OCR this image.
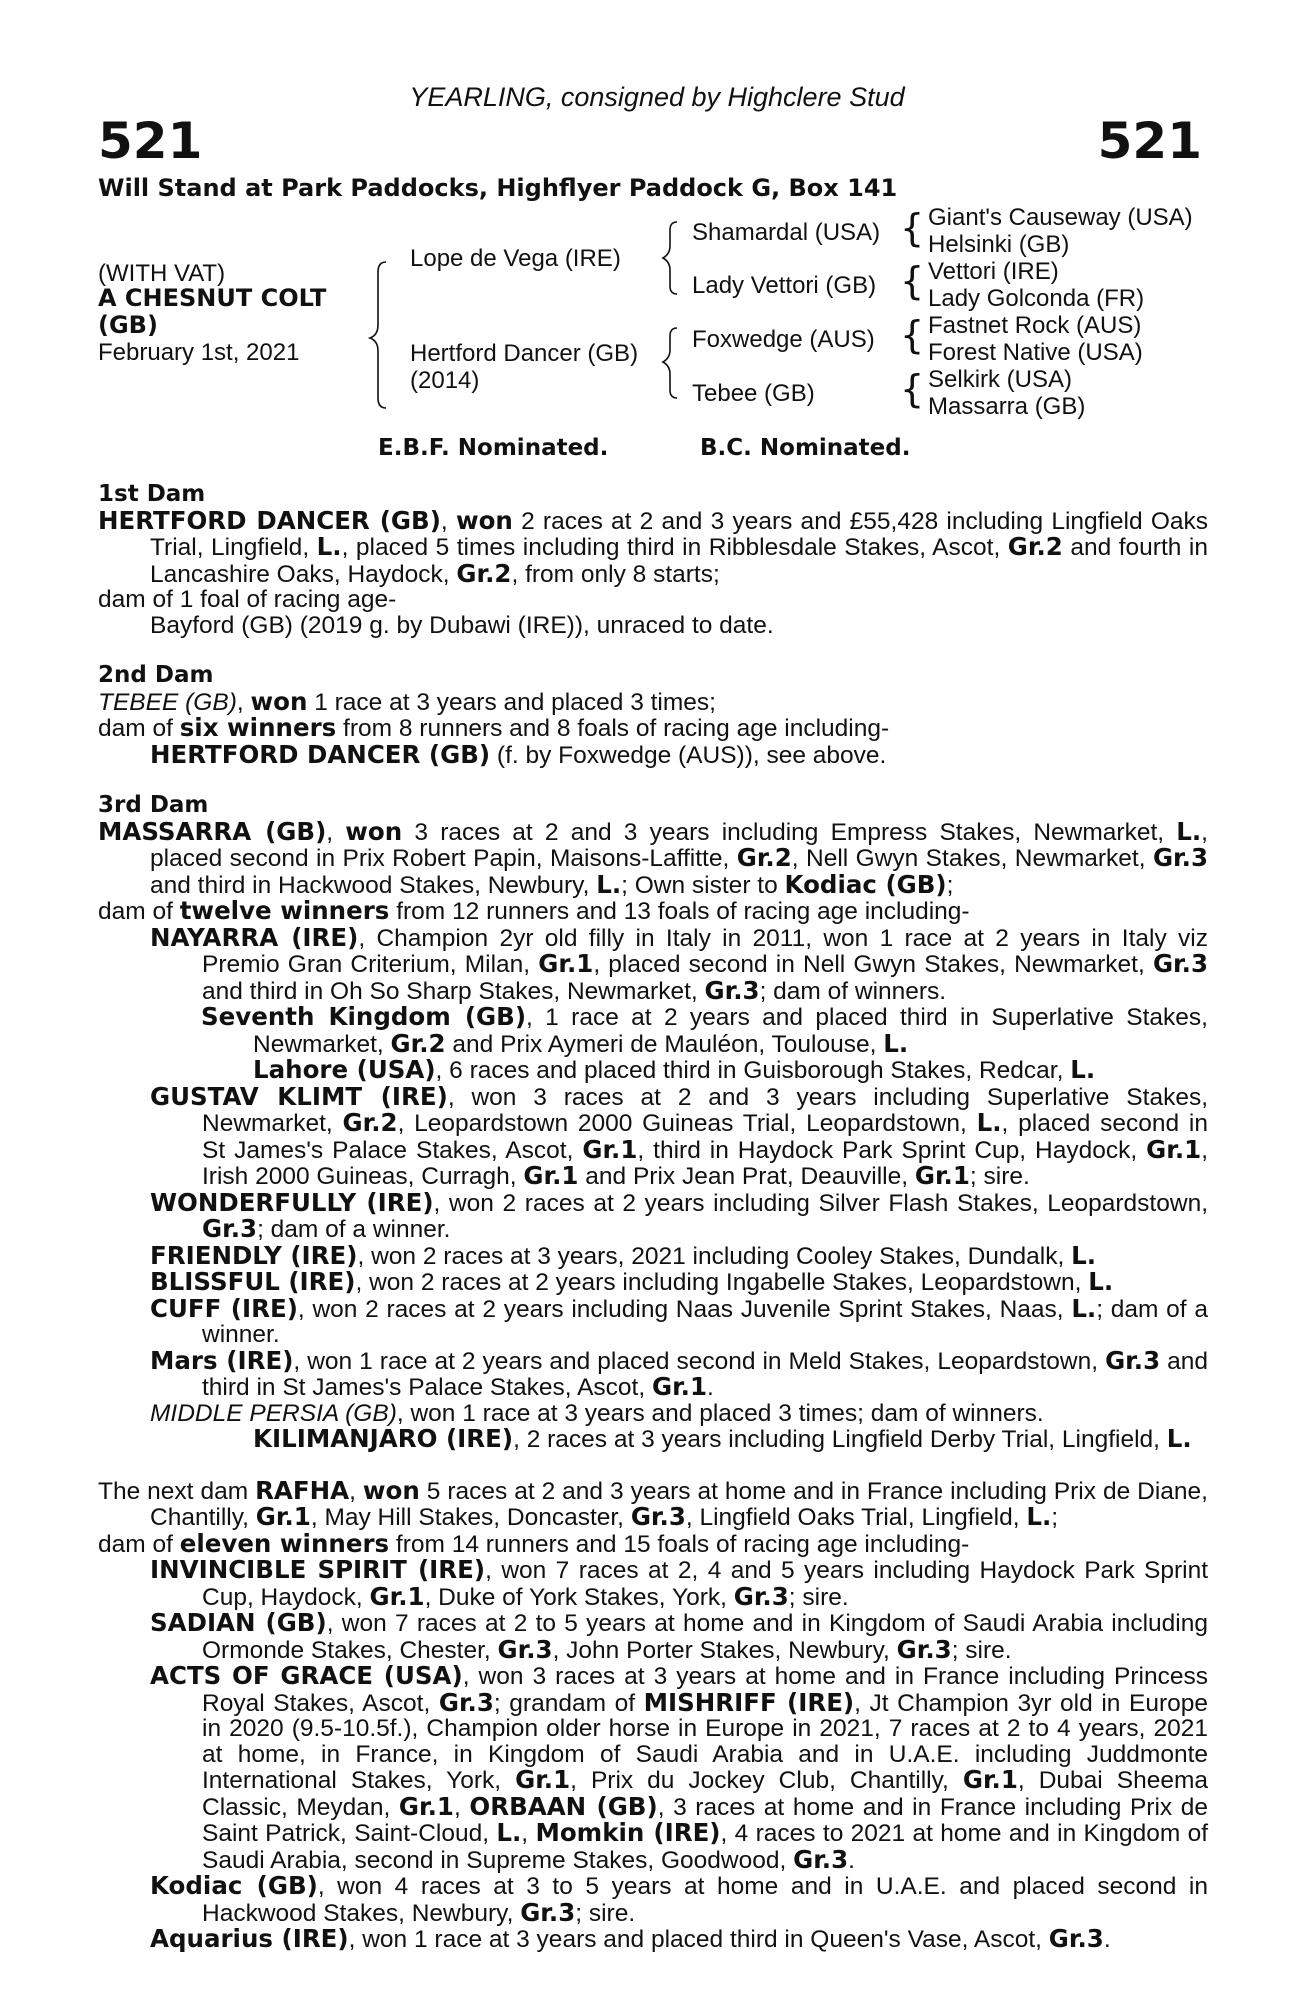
YEARLING, consigned by Highclere Stud
521	521
Will Stand at Park Paddocks, Highflyer Paddock G, Box 141
(WITH VAT)
A CHESNUT COLT
(GB)
February 1st, 2021
Lope de Vega (IRE)
Hertford Dancer (GB)
(2014)
Shamardal (USA)
Lady Vettori (GB)
Foxwedge (AUS)
Tebee (GB)
{
{
{
{
Giant's Causeway (USA)
Helsinki (GB)
Vettori (IRE)
Lady Golconda (FR)
Fastnet Rock (AUS)
Forest Native (USA)
Selkirk (USA)
Massarra (GB)
E.B.F. Nominated.	B.C. Nominated.
1st Dam
HERTFORD DANCER (GB), won 2 races at 2 and 3 years and £55,428 including Lingfield Oaks Trial, Lingfield, L., placed 5 times including third in Ribblesdale Stakes, Ascot, Gr.2 and fourth in Lancashire Oaks, Haydock, Gr.2, from only 8 starts;
dam of 1 foal of racing age-
Bayford (GB) (2019 g. by Dubawi (IRE)), unraced to date.
2nd Dam
TEBEE (GB), won 1 race at 3 years and placed 3 times;
dam of six winners from 8 runners and 8 foals of racing age including-
HERTFORD DANCER (GB) (f. by Foxwedge (AUS)), see above.
3rd Dam
MASSARRA (GB), won 3 races at 2 and 3 years including Empress Stakes, Newmarket, L., placed second in Prix Robert Papin, Maisons-Laffitte, Gr.2, Nell Gwyn Stakes, Newmarket, Gr.3 and third in Hackwood Stakes, Newbury, L.; Own sister to Kodiac (GB);
dam of twelve winners from 12 runners and 13 foals of racing age including-
NAYARRA (IRE), Champion 2yr old filly in Italy in 2011, won 1 race at 2 years in Italy viz Premio Gran Criterium, Milan, Gr.1, placed second in Nell Gwyn Stakes, Newmarket, Gr.3 and third in Oh So Sharp Stakes, Newmarket, Gr.3; dam of winners.
Seventh Kingdom (GB), 1 race at 2 years and placed third in Superlative Stakes, Newmarket, Gr.2 and Prix Aymeri de Mauléon, Toulouse, L.
Lahore (USA), 6 races and placed third in Guisborough Stakes, Redcar, L.
GUSTAV KLIMT (IRE), won 3 races at 2 and 3 years including Superlative Stakes, Newmarket, Gr.2, Leopardstown 2000 Guineas Trial, Leopardstown, L., placed second in St James's Palace Stakes, Ascot, Gr.1, third in Haydock Park Sprint Cup, Haydock, Gr.1, Irish 2000 Guineas, Curragh, Gr.1 and Prix Jean Prat, Deauville, Gr.1; sire.
WONDERFULLY (IRE), won 2 races at 2 years including Silver Flash Stakes, Leopardstown, Gr.3; dam of a winner.
FRIENDLY (IRE), won 2 races at 3 years, 2021 including Cooley Stakes, Dundalk, L.
BLISSFUL (IRE), won 2 races at 2 years including Ingabelle Stakes, Leopardstown, L.
CUFF (IRE), won 2 races at 2 years including Naas Juvenile Sprint Stakes, Naas, L.; dam of a winner.
Mars (IRE), won 1 race at 2 years and placed second in Meld Stakes, Leopardstown, Gr.3 and third in St James's Palace Stakes, Ascot, Gr.1.
MIDDLE PERSIA (GB), won 1 race at 3 years and placed 3 times; dam of winners.
KILIMANJARO (IRE), 2 races at 3 years including Lingfield Derby Trial, Lingfield, L.
The next dam RAFHA, won 5 races at 2 and 3 years at home and in France including Prix de Diane, Chantilly, Gr.1, May Hill Stakes, Doncaster, Gr.3, Lingfield Oaks Trial, Lingfield, L.;
dam of eleven winners from 14 runners and 15 foals of racing age including-
INVINCIBLE SPIRIT (IRE), won 7 races at 2, 4 and 5 years including Haydock Park Sprint Cup, Haydock, Gr.1, Duke of York Stakes, York, Gr.3; sire.
SADIAN (GB), won 7 races at 2 to 5 years at home and in Kingdom of Saudi Arabia including Ormonde Stakes, Chester, Gr.3, John Porter Stakes, Newbury, Gr.3; sire.
ACTS OF GRACE (USA), won 3 races at 3 years at home and in France including Princess Royal Stakes, Ascot, Gr.3; grandam of MISHRIFF (IRE), Jt Champion 3yr old in Europe in 2020 (9.5-10.5f.), Champion older horse in Europe in 2021, 7 races at 2 to 4 years, 2021 at home, in France, in Kingdom of Saudi Arabia and in U.A.E. including Juddmonte International Stakes, York, Gr.1, Prix du Jockey Club, Chantilly, Gr.1, Dubai Sheema Classic, Meydan, Gr.1, ORBAAN (GB), 3 races at home and in France including Prix de Saint Patrick, Saint-Cloud, L., Momkin (IRE), 4 races to 2021 at home and in Kingdom of Saudi Arabia, second in Supreme Stakes, Goodwood, Gr.3.
Kodiac (GB), won 4 races at 3 to 5 years at home and in U.A.E. and placed second in Hackwood Stakes, Newbury, Gr.3; sire.
Aquarius (IRE), won 1 race at 3 years and placed third in Queen's Vase, Ascot, Gr.3.
